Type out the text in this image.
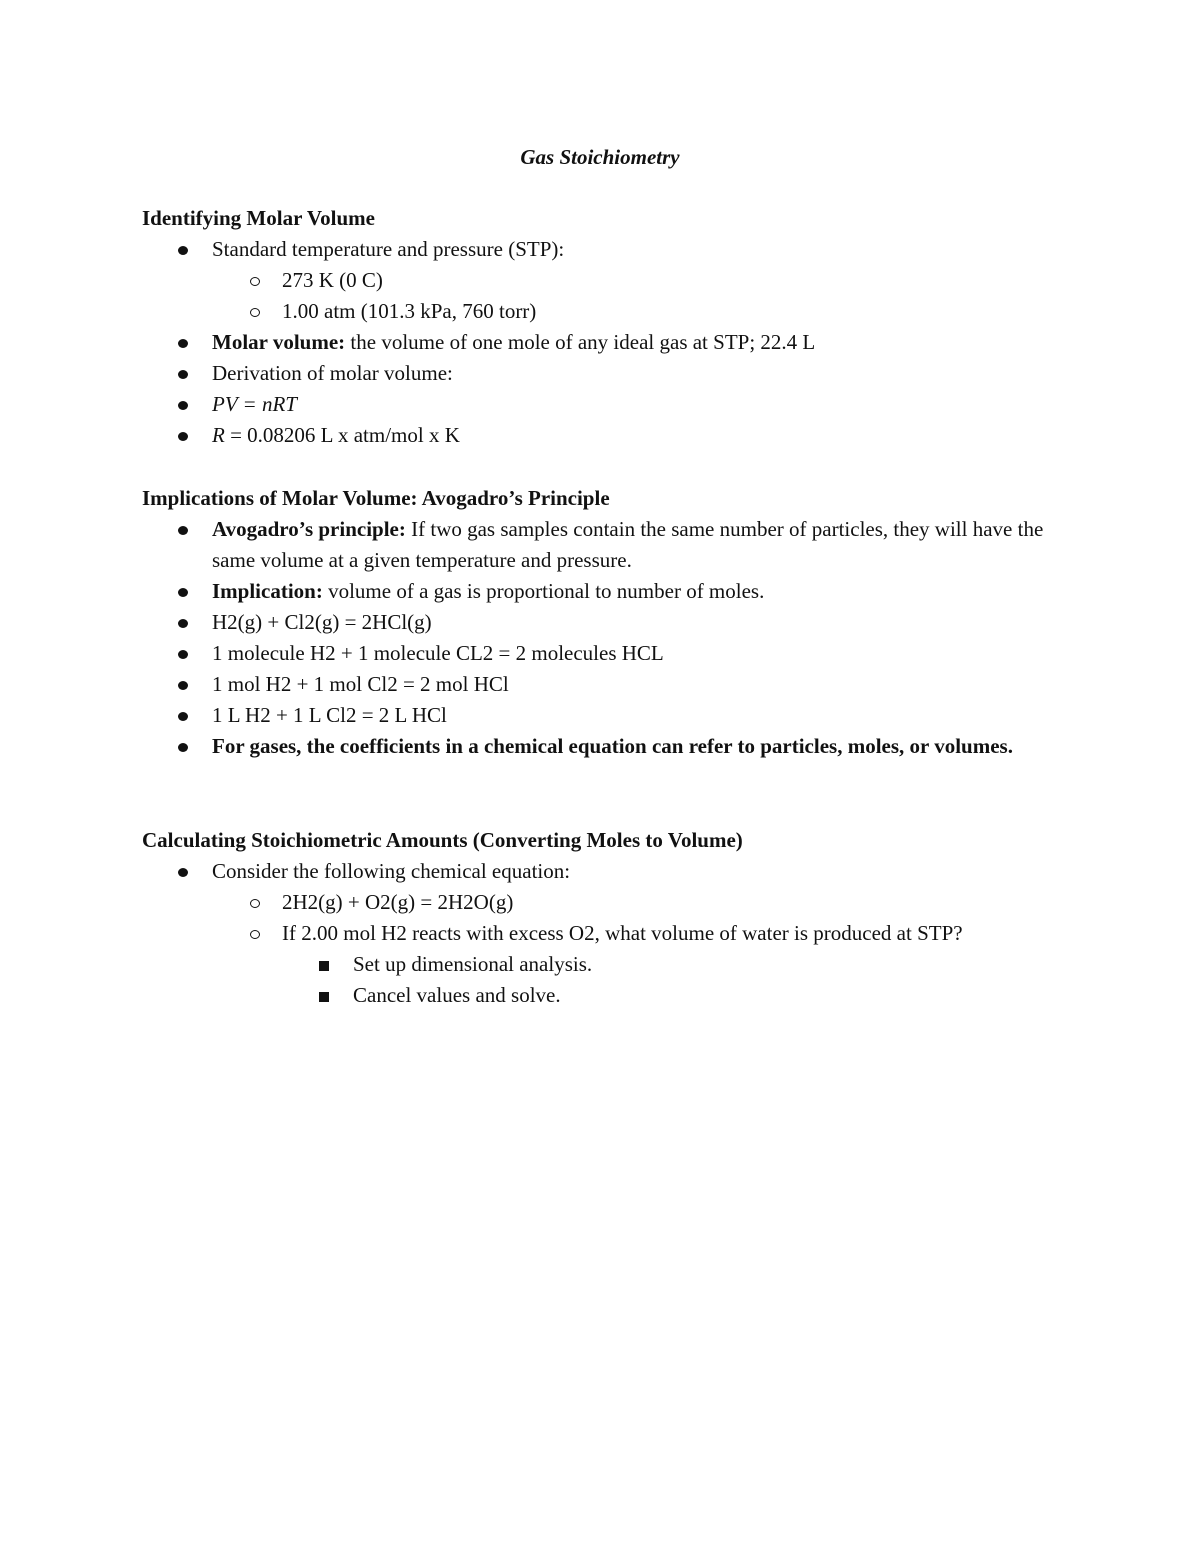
Gas Stoichiometry
Identifying Molar Volume
Standard temperature and pressure (STP):
273 K (0 C)
1.00 atm (101.3 kPa, 760 torr)
Molar volume: the volume of one mole of any ideal gas at STP; 22.4 L
Derivation of molar volume:
PV = nRT
R = 0.08206 L x atm/mol x K
Implications of Molar Volume: Avogadro’s Principle
Avogadro’s principle: If two gas samples contain the same number of particles, they will have the same volume at a given temperature and pressure.
Implication: volume of a gas is proportional to number of moles.
H2(g) + Cl2(g) = 2HCl(g)
1 molecule H2 + 1 molecule CL2 = 2 molecules HCL
1 mol H2 + 1 mol Cl2 = 2 mol HCl
1 L H2 + 1 L Cl2 = 2 L HCl
For gases, the coefficients in a chemical equation can refer to particles, moles, or volumes.
Calculating Stoichiometric Amounts (Converting Moles to Volume)
Consider the following chemical equation:
2H2(g) + O2(g) = 2H2O(g)
If 2.00 mol H2 reacts with excess O2, what volume of water is produced at STP?
Set up dimensional analysis.
Cancel values and solve.
